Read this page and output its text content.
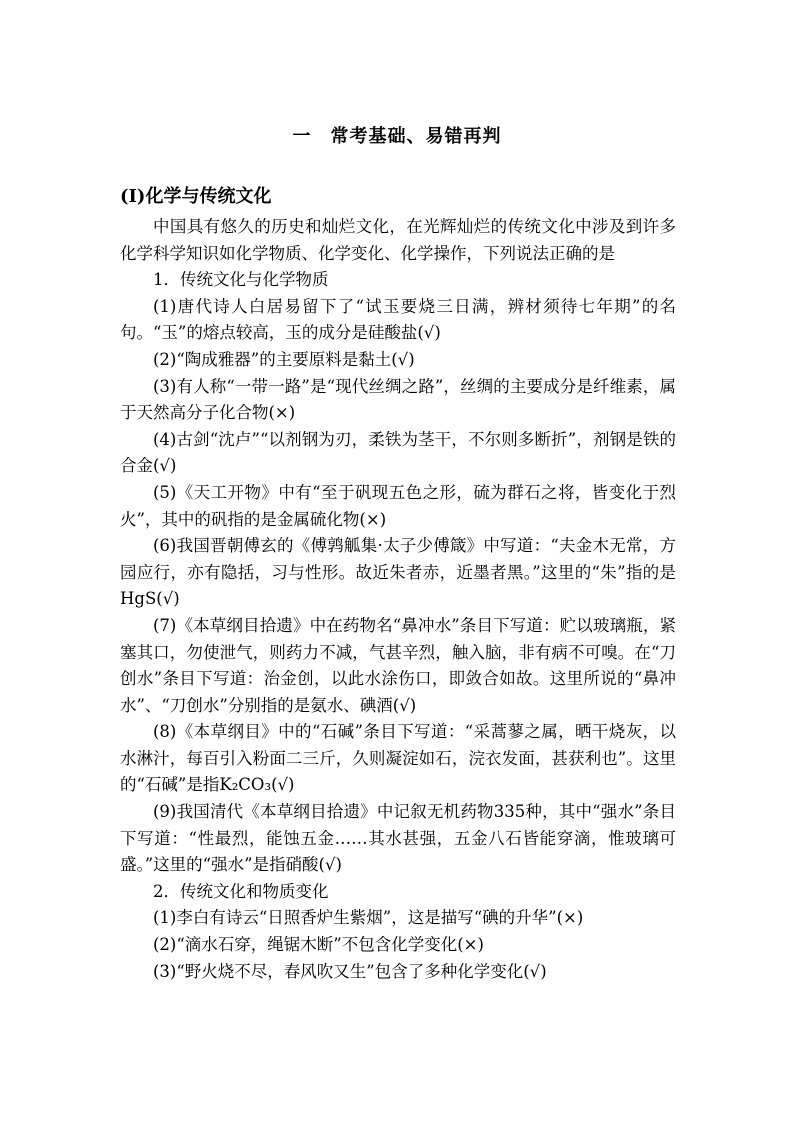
一　常考基础、易错再判
(Ⅰ)化学与传统文化

中国具有悠久的历史和灿烂文化，在光辉灿烂的传统文化中涉及到许多化学科学知识如化学物质、化学变化、化学操作，下列说法正确的是

1．传统文化与化学物质

(1)唐代诗人白居易留下了“试玉要烧三日满，辨材须待七年期”的名句。“玉”的熔点较高，玉的成分是硅酸盐(√)

(2)“陶成雅器”的主要原料是黏土(√)

(3)有人称“一带一路”是“现代丝绸之路”，丝绸的主要成分是纤维素，属于天然高分子化合物(×)

(4)古剑“沈卢”“以剂钢为刃，柔铁为茎干，不尔则多断折”，剂钢是铁的合金(√)

(5)《天工开物》中有“至于矾现五色之形，硫为群石之将，皆变化于烈火”，其中的矾指的是金属硫化物(×)

(6)我国晋朝傅玄的《傅鹑觚集·太子少傅箴》中写道：“夫金木无常，方园应行，亦有隐括，习与性形。故近朱者赤，近墨者黑。”这里的“朱”指的是HgS(√)

(7)《本草纲目拾遗》中在药物名“鼻冲水”条目下写道：贮以玻璃瓶，紧塞其口，勿使泄气，则药力不减，气甚辛烈，触入脑，非有病不可嗅。在“刀创水”条目下写道：治金创，以此水涂伤口，即敛合如故。这里所说的“鼻冲水”、“刀创水”分别指的是氨水、碘酒(√)

(8)《本草纲目》中的“石碱”条目下写道：“采蒿蓼之属，晒干烧灰，以水淋汁，每百引入粉面二三斤，久则凝淀如石，浣衣发面，甚获利也”。这里的“石碱”是指K₂CO₃(√)

(9)我国清代《本草纲目拾遗》中记叙无机药物335种，其中“强水”条目下写道：“性最烈，能蚀五金……其水甚强，五金八石皆能穿滴，惟玻璃可盛。”这里的“强水”是指硝酸(√)

2．传统文化和物质变化

(1)李白有诗云“日照香炉生紫烟”，这是描写“碘的升华”(×)

(2)“滴水石穿，绳锯木断”不包含化学变化(×)

(3)“野火烧不尽，春风吹又生”包含了多种化学变化(√)
